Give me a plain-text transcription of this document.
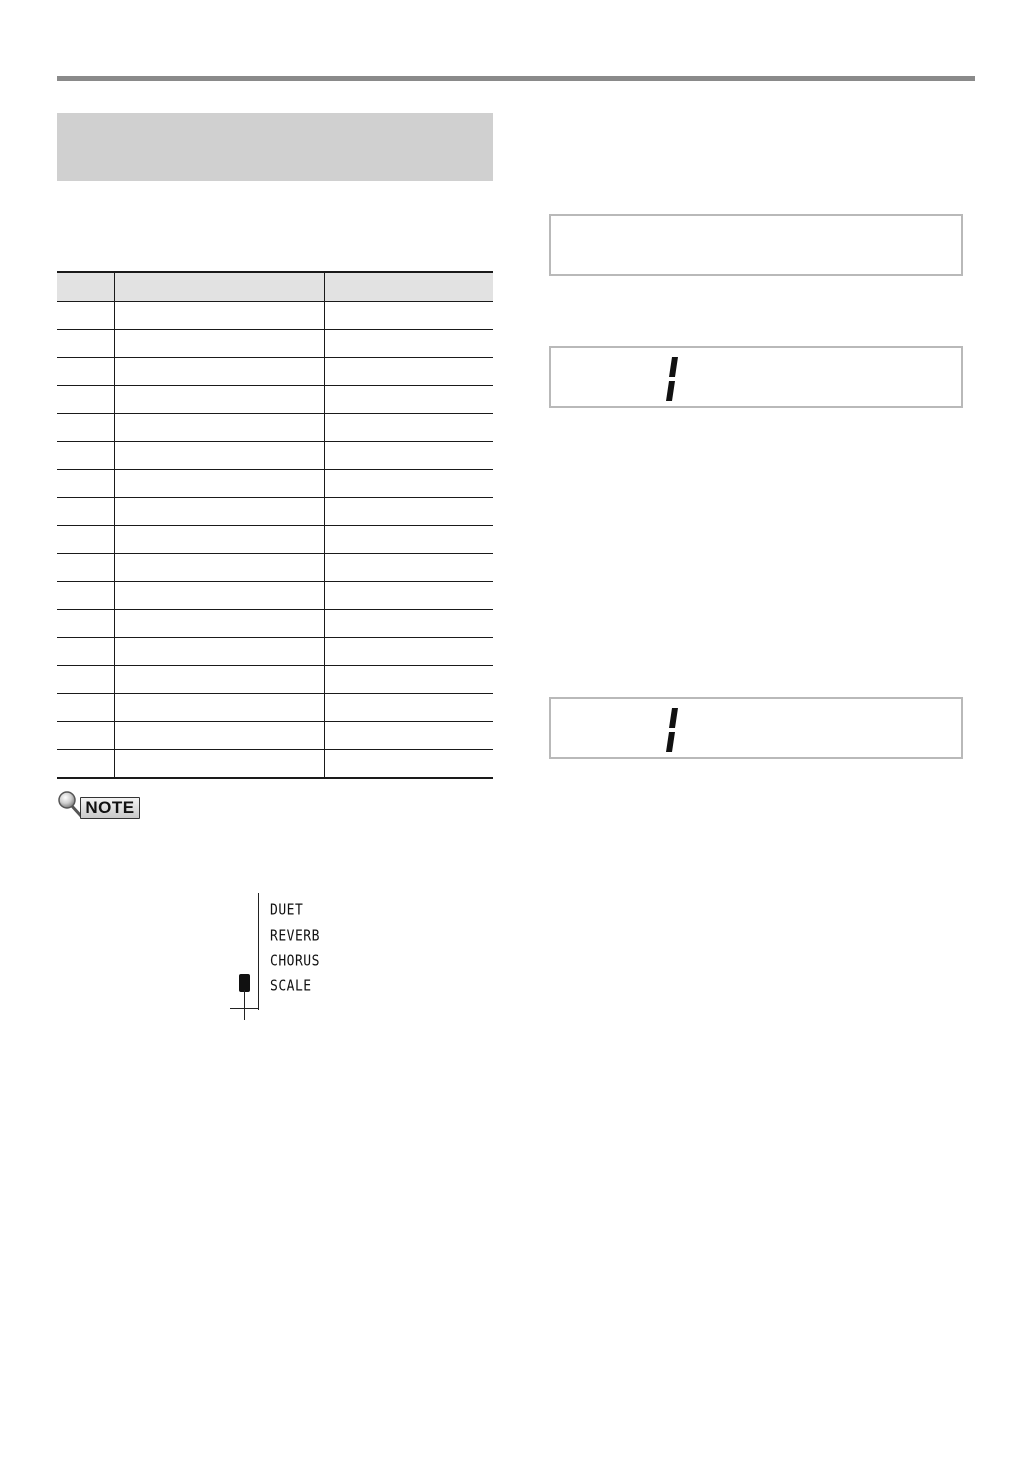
NOTE
DUET
REVERB
CHORUS
SCALE
